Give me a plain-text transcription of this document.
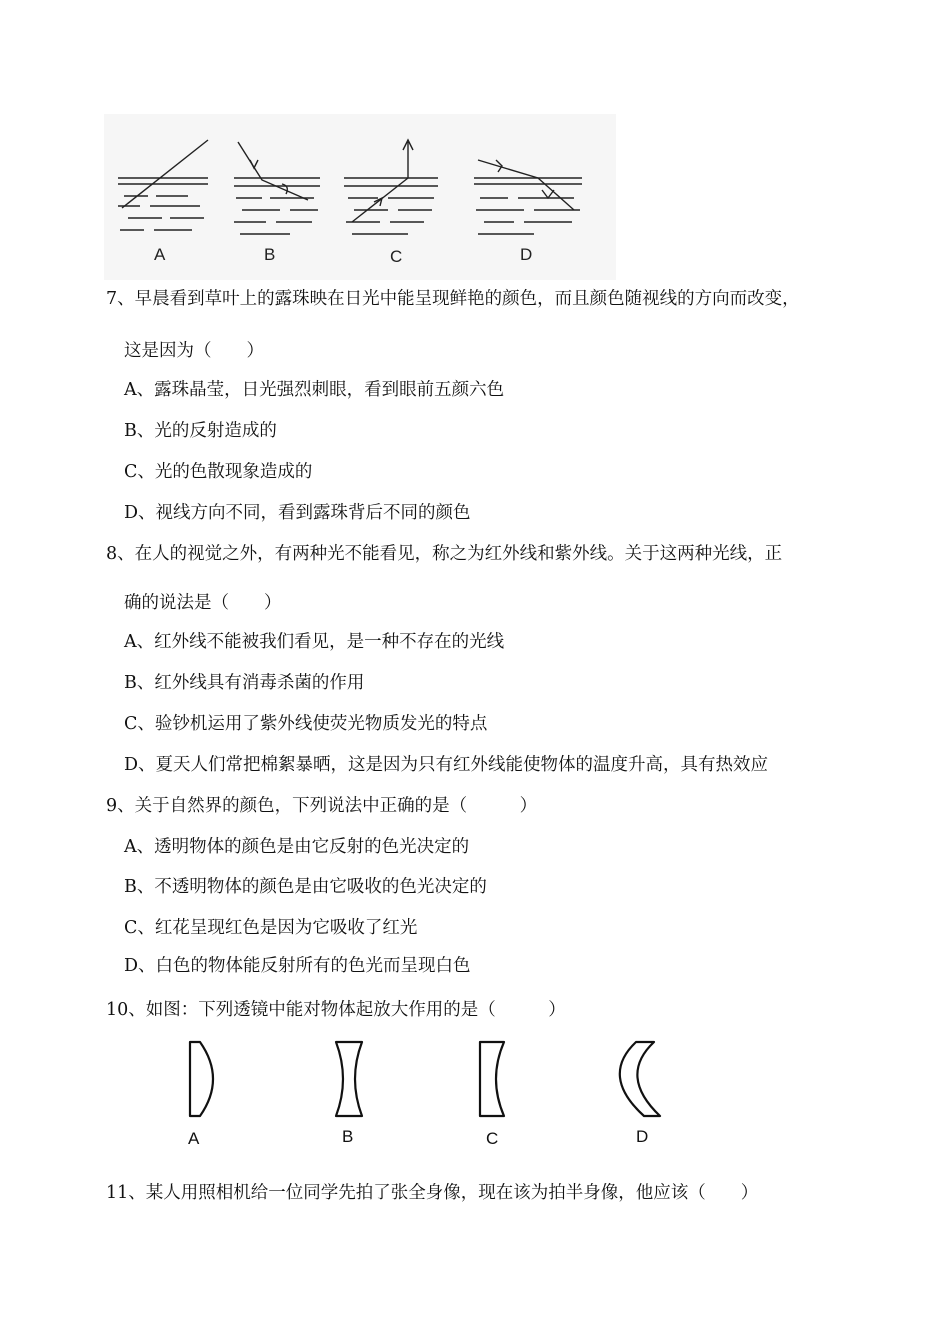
A	B	C	D
7、早晨看到草叶上的露珠映在日光中能呈现鲜艳的颜色，而且颜色随视线的方向而改变，
这是因为（　　）
A、露珠晶莹，日光强烈刺眼，看到眼前五颜六色
B、光的反射造成的
C、光的色散现象造成的
D、视线方向不同，看到露珠背后不同的颜色
8、在人的视觉之外，有两种光不能看见，称之为红外线和紫外线。关于这两种光线，正
确的说法是（　　）
A、红外线不能被我们看见，是一种不存在的光线
B、红外线具有消毒杀菌的作用
C、验钞机运用了紫外线使荧光物质发光的特点
D、夏天人们常把棉絮暴晒，这是因为只有红外线能使物体的温度升高，具有热效应
9、关于自然界的颜色，下列说法中正确的是（　　　）
A、透明物体的颜色是由它反射的色光决定的
B、不透明物体的颜色是由它吸收的色光决定的
C、红花呈现红色是因为它吸收了红光
D、白色的物体能反射所有的色光而呈现白色
10、如图：下列透镜中能对物体起放大作用的是（　　　）
A	B	C	D
11、某人用照相机给一位同学先拍了张全身像，现在该为拍半身像，他应该（　　）
